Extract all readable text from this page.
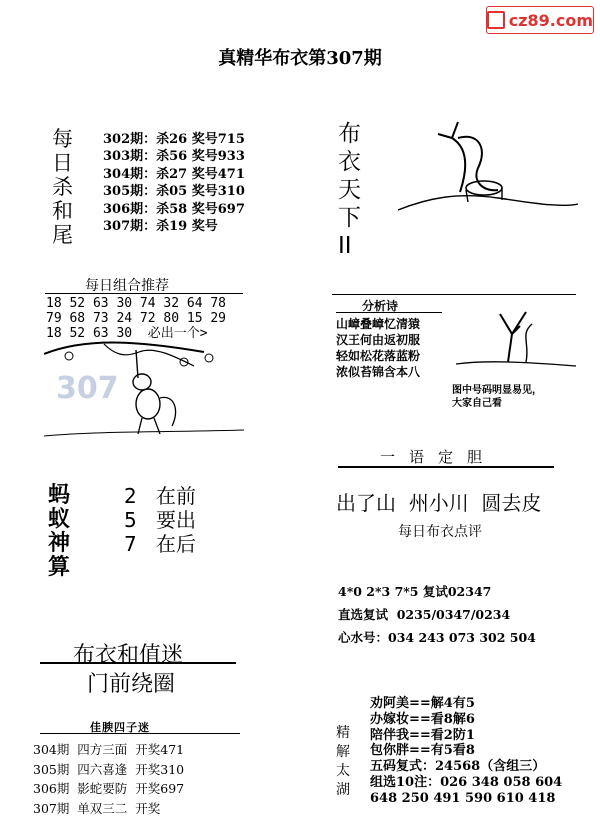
cz89.com
真精华布衣第307期
每
日
杀
和
尾
302期：杀26 奖号715
303期：杀56 奖号933
304期：杀27 奖号471
305期：杀05 奖号310
306期：杀58 奖号697
307期：杀19 奖号
每日组合推荐
18 52 63 30 74 32 64 78
79 68 73 24 72 80 15 29
18 52 63 30  必出一个>
307
蚂
蚁
神
算
2 在前
5 要出
7 在后
布衣和值迷
门前绕圈
佳腴四子迷
304期  四方三面  开奖471
305期  四六喜逢  开奖310
306期  影蛇要防  开奖697
307期  单双三二  开奖
布
衣
天
下
II
分析诗
山嶂叠嶂忆清猿
汉王何由返初服
轻如松花落蓝粉
浓似苔锦含本八
图中号码明显易见，
大家自己看
一语定胆
出了山  州小川  圆去皮
每日布衣点评
4*0 2*3 7*5 复试02347
直选复试  0235/0347/0234
心水号：034 243 073 302 504
精
解
太
湖
劝阿美==解4有5
办嫁妆==看8解6
陪伴我==看2防1
包你胖==有5看8
五码复式：24568（含组三）
组选10注：026 348 058 604
648 250 491 590 610 418
